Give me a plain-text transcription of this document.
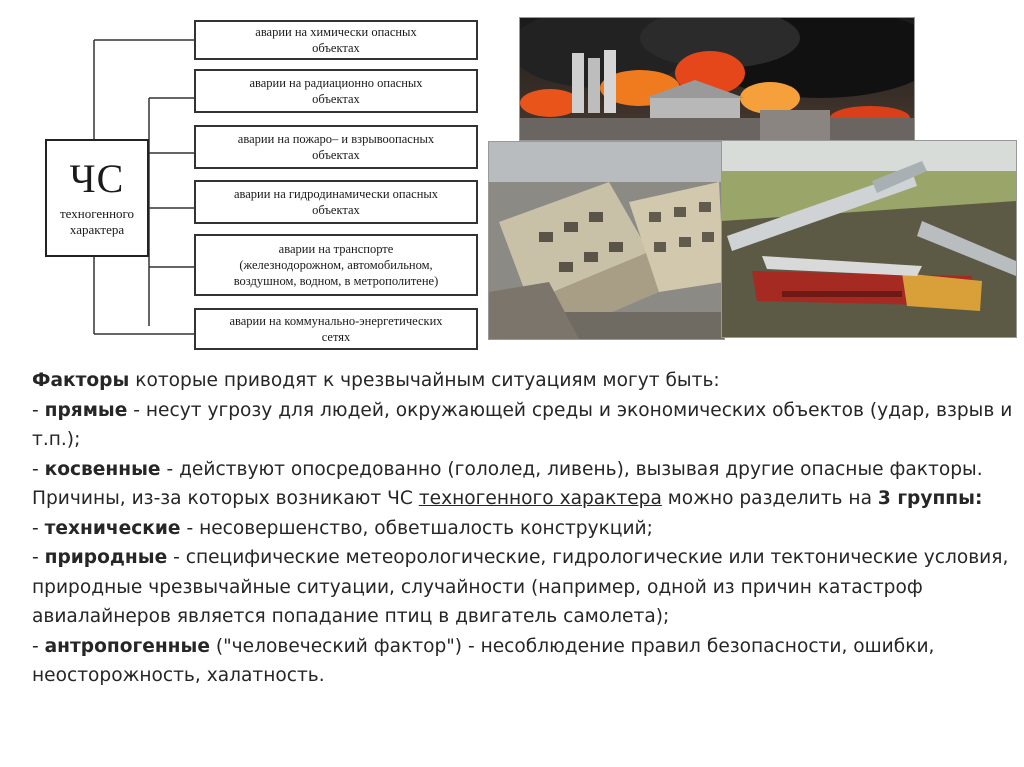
ЧС
техногенного
характера
аварии на химически опасных
объектах
аварии на радиационно опасных
объектах
аварии на пожаро– и взрывоопасных
объектах
аварии на гидродинамически опасных
объектах
аварии на транспорте
(железнодорожном, автомобильном,
воздушном, водном, в метрополитене)
аварии на коммунально-энергетических
сетях

Факторы которые приводят к чрезвычайным ситуациям могут быть:

- прямые - несут угрозу для людей, окружающей среды и экономических объектов (удар, взрыв и т.п.);

- косвенные - действуют опосредованно (гололед, ливень), вызывая другие опасные факторы.

Причины, из-за которых возникают ЧС техногенного характера можно разделить на 3 группы:

- технические - несовершенство, обветшалость конструкций;

- природные - специфические метеорологические, гидрологические или тектонические условия, природные чрезвычайные ситуации, случайности (например, одной из причин катастроф авиалайнеров является попадание птиц в двигатель самолета);

- антропогенные ("человеческий фактор") - несоблюдение правил безопасности, ошибки, неосторожность, халатность.
